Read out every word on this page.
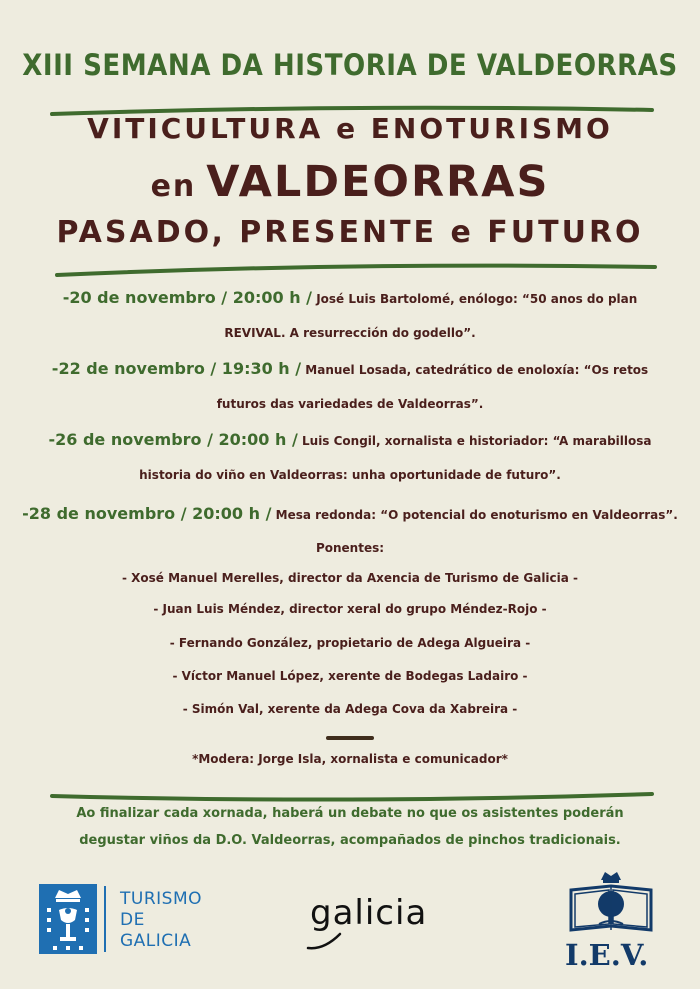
XIII SEMANA DA HISTORIA DE VALDEORRAS
VITICULTURA e ENOTURISMO
en VALDEORRAS
PASADO, PRESENTE e FUTURO
-20 de novembro / 20:00 h / José Luis Bartolomé, enólogo: “50 anos do plan
REVIVAL. A resurrección do godello”.
-22 de novembro / 19:30 h / Manuel Losada, catedrático de enoloxía: “Os retos
futuros das variedades de Valdeorras”.
-26 de novembro / 20:00 h / Luis Congil, xornalista e historiador: “A marabillosa
historia do viño en Valdeorras: unha oportunidade de futuro”.
-28 de novembro / 20:00 h / Mesa redonda: “O potencial do enoturismo en Valdeorras”.
Ponentes:
- Xosé Manuel Merelles, director da Axencia de Turismo de Galicia -
- Juan Luis Méndez, director xeral do grupo Méndez-Rojo -
- Fernando González, propietario de Adega Algueira -
- Víctor Manuel López, xerente de Bodegas Ladairo -
- Simón Val, xerente da Adega Cova da Xabreira -
*Modera: Jorge Isla, xornalista e comunicador*
Ao finalizar cada xornada, haberá un debate no que os asistentes poderán
degustar viños da D.O. Valdeorras, acompañados de pinchos tradicionais.
TURISMO
DE
GALICIA
galicia
I.E.V.
